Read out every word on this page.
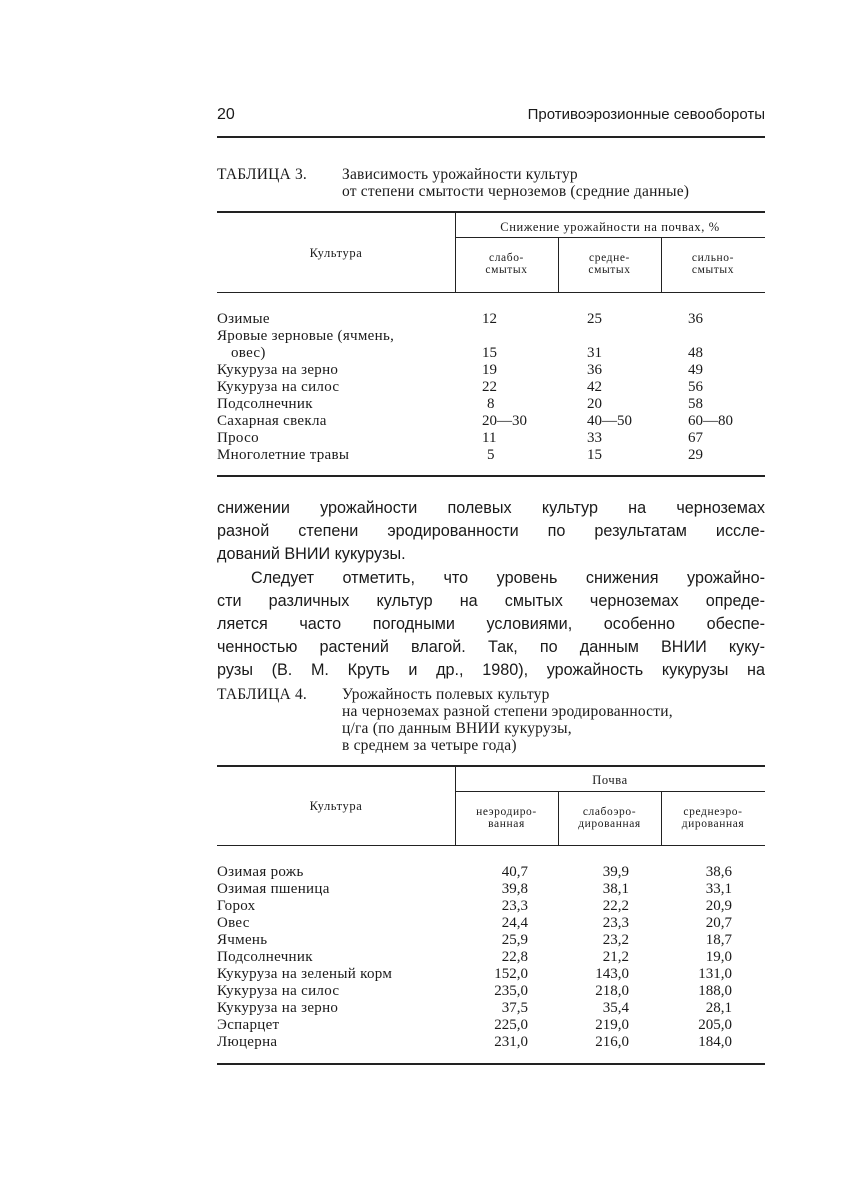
20	Противоэрозионные севообороты
ТАБЛИЦА 3. Зависимость урожайности культур
от степени смытости черноземов (средние данные)
Культура
Снижение урожайности на почвах, %
слабо-
смытых
средне-
смытых
сильно-
смытых
Озимые	12	25	36
Яровые зерновые (ячмень,
овес)	15	31	48
Кукуруза на зерно	19	36	49
Кукуруза на силос	22	42	56
Подсолнечник	8	20	58
Сахарная свекла	20—30	40—50	60—80
Просо	11	33	67
Многолетние травы	5	15	29

снижении урожайности полевых культур на черноземах

разной степени эродированности по результатам иссле-

дований ВНИИ кукурузы.

Следует отметить, что уровень снижения урожайно-

сти различных культур на смытых черноземах опреде-

ляется часто погодными условиями, особенно обеспе-

ченностью растений влагой. Так, по данным ВНИИ куку-

рузы (В. М. Круть и др., 1980), урожайность кукурузы на

ТАБЛИЦА 4. Урожайность полевых культур
на черноземах разной степени эродированности,
ц/га (по данным ВНИИ кукурузы,
в среднем за четыре года)
Культура
Почва
неэродиро-
ванная
слабоэро-
дированная
среднеэро-
дированная
Озимая рожь	40,7	39,9	38,6
Озимая пшеница	39,8	38,1	33,1
Горох	23,3	22,2	20,9
Овес	24,4	23,3	20,7
Ячмень	25,9	23,2	18,7
Подсолнечник	22,8	21,2	19,0
Кукуруза на зеленый корм	152,0	143,0	131,0
Кукуруза на силос	235,0	218,0	188,0
Кукуруза на зерно	37,5	35,4	28,1
Эспарцет	225,0	219,0	205,0
Люцерна	231,0	216,0	184,0
